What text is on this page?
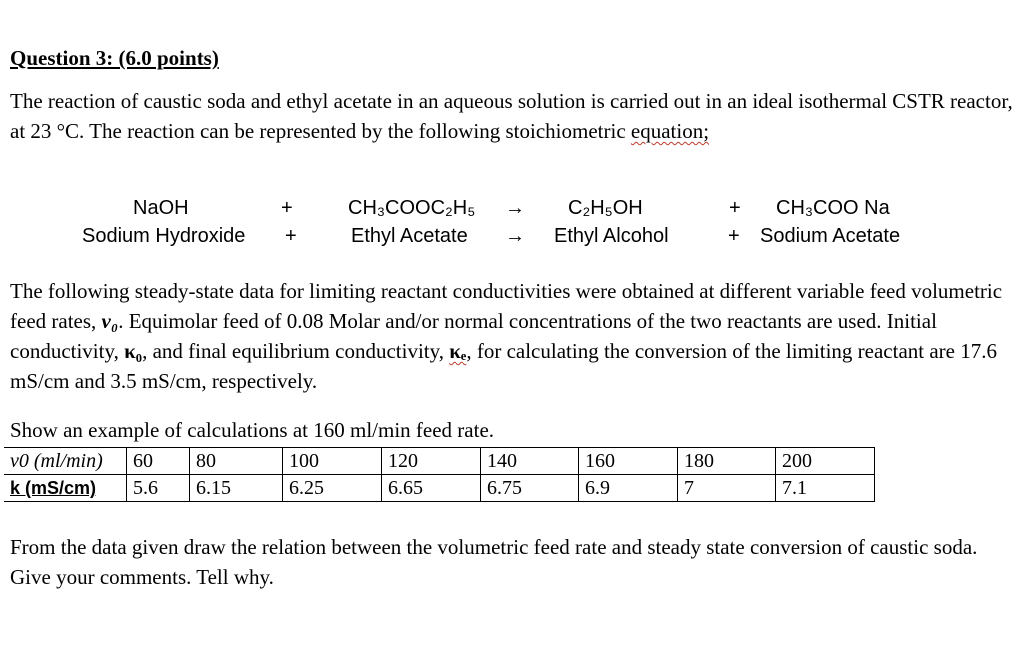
Question 3: (6.0 points)
The reaction of caustic soda and ethyl acetate in an aqueous solution is carried out in an ideal isothermal CSTR reactor, at 23 °C. The reaction can be represented by the following stoichiometric equation;
NaOH	+	CH₃COOC₂H₅ → C₂H₅OH	+ CH₃COO Na
Sodium Hydroxide +	Ethyl Acetate → Ethyl Alcohol	+ Sodium Acetate
The following steady-state data for limiting reactant conductivities were obtained at different variable feed volumetric feed rates, v₀. Equimolar feed of 0.08 Molar and/or normal concentrations of the two reactants are used. Initial conductivity, κ₀, and final equilibrium conductivity, κₑ, for calculating the conversion of the limiting reactant are 17.6 mS/cm and 3.5 mS/cm, respectively.
Show an example of calculations at 160 ml/min feed rate.
v0 (ml/min)	60	80	100	120	140	160	180	200
k (mS/cm)	5.6	6.15	6.25	6.65	6.75	6.9	7	7.1
From the data given draw the relation between the volumetric feed rate and steady state conversion of caustic soda. Give your comments. Tell why.
